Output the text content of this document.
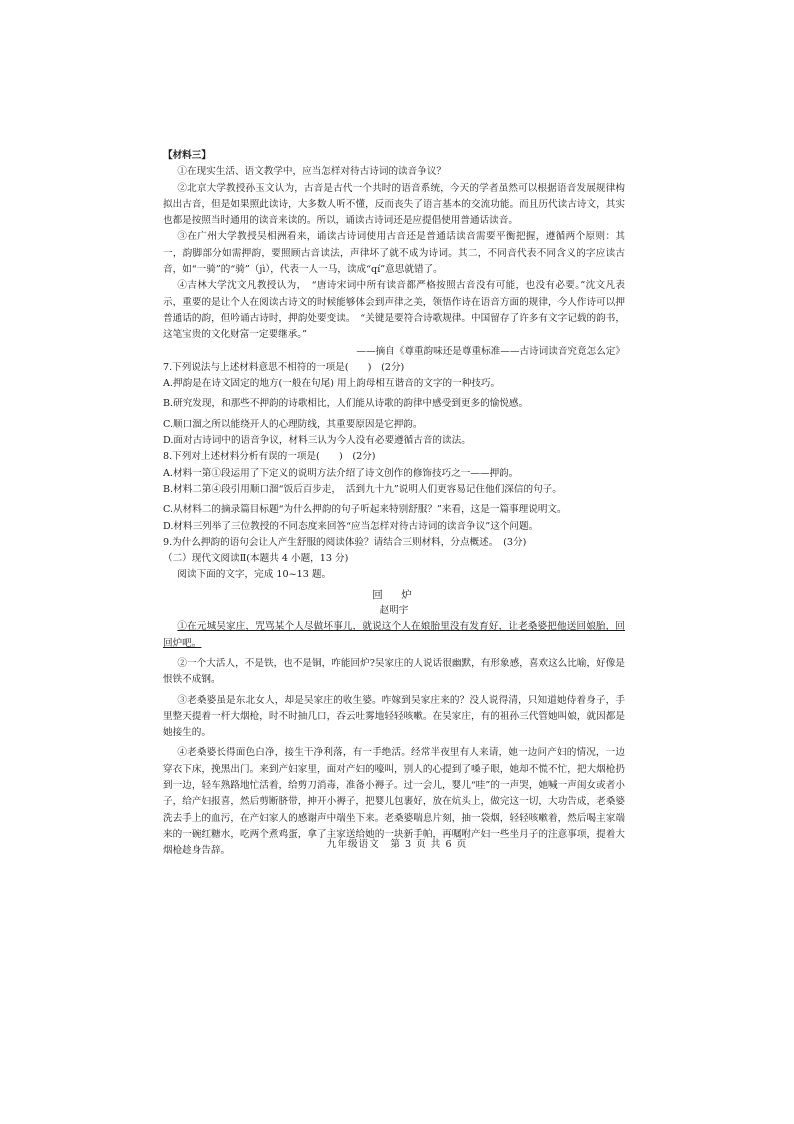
【材料三】

①在现实生活、语文教学中，应当怎样对待古诗词的读音争议？

②北京大学教授孙玉文认为，古音是古代一个共时的语音系统，今天的学者虽然可以根据语音发展规律构拟出古音，但是如果照此读诗，大多数人听不懂，反而丧失了语言基本的交流功能。而且历代读古诗文，其实也都是按照当时通用的读音来读的。所以，诵读古诗词还是应提倡使用普通话读音。

③在广州大学教授吴相洲看来，诵读古诗词使用古音还是普通话读音需要平衡把握，遵循两个原则：其一，韵脚部分如需押韵，要照顾古音读法，声律坏了就不成为诗词。其二，不同音代表不同含义的字应读古音，如“一骑”的“骑”（jì），代表一人一马，读成“qí”意思就错了。

④吉林大学沈文凡教授认为，　“唐诗宋词中所有读音都严格按照古音没有可能，也没有必要。”沈文凡表示，重要的是让个人在阅读古诗文的时候能够体会到声律之美，领悟作诗在语音方面的规律，今人作诗可以押普通话的韵，但吟诵古诗时，押韵处要变读。　“关键是要符合诗歌规律。中国留存了许多有文字记载的韵书，这笔宝贵的文化财富一定要继承。”

——摘自《尊重韵味还是尊重标准——古诗词读音究竟怎么定》

7.下列说法与上述材料意思不相符的一项是(　　)　(2分)

A.押韵是在诗文固定的地方(一般在句尾) 用上韵母相互谐音的文字的一种技巧。

B.研究发现，和那些不押韵的诗歌相比，人们能从诗歌的韵律中感受到更多的愉悦感。

C.顺口溜之所以能绕开人的心理防线，其重要原因是它押韵。

D.面对古诗词中的语音争议，材料三认为今人没有必要遵循古音的读法。

8.下列对上述材料分析有误的一项是(　　)　(2分)

A.材料一第①段运用了下定义的说明方法介绍了诗文创作的修饰技巧之一——押韵。

B.材料二第④段引用顺口溜“饭后百步走，　活到九十九”说明人们更容易记住他们深信的句子。

C.从材料二的摘录篇目标题“为什么押韵的句子听起来特别舒服？”来看，这是一篇事理说明文。

D.材料三列举了三位教授的不同态度来回答“应当怎样对待古诗词的读音争议”这个问题。

9.为什么押韵的语句会让人产生舒服的阅读体验？请结合三则材料，分点概述。　(3分)

（二）现代文阅读Ⅱ(本题共 4 小题，13 分)

阅读下面的文字，完成 10~13 题。

回　炉

赵明宇

①在元城吴家庄，咒骂某个人尽做坏事儿，就说这个人在娘胎里没有发育好，让老桑婆把他送回娘胎，回回炉吧。

②一个大活人，不是铁，也不是铜，咋能回炉?吴家庄的人说话很幽默，有形象感，喜欢这么比喻，好像是恨铁不成钢。

③老桑婆虽是东北女人，却是吴家庄的收生婆。咋嫁到吴家庄来的？没人说得清，只知道她侍着身子，手里整天提着一杆大烟枪，时不时抽几口，吞云吐雾地轻轻咳嗽。在吴家庄，有的祖孙三代管她叫娘，就因都是她接生的。

④老桑婆长得面色白净，接生干净利落，有一手绝活。经常半夜里有人来请，她一边问产妇的情况，一边穿衣下床，挽黑出门。来到产妇家里，面对产妇的嚎叫，别人的心提到了嗓子眼，她却不慌不忙，把大烟枪扔到一边，轻车熟路地忙活着，给剪刀消毒，准备小褥子。过一会儿，婴儿“哇”的一声哭，她喊一声闺女或者小子，给产妇报喜，然后剪断脐带，抻开小褥子，把婴儿包裹好，放在炕头上，做完这一切，大功告成，老桑婆洗去手上的血污，在产妇家人的感谢声中端坐下来。老桑婆喘息片刻，抽一袋烟，轻轻咳嗽着，然后喝主家端来的一碗红糖水，吃两个煮鸡蛋，拿了主家送给她的一块新手帕，再嘱咐产妇一些坐月子的注意事项，提着大烟枪趁身告辞。

九年级语文　第 3 页 共 6 页
